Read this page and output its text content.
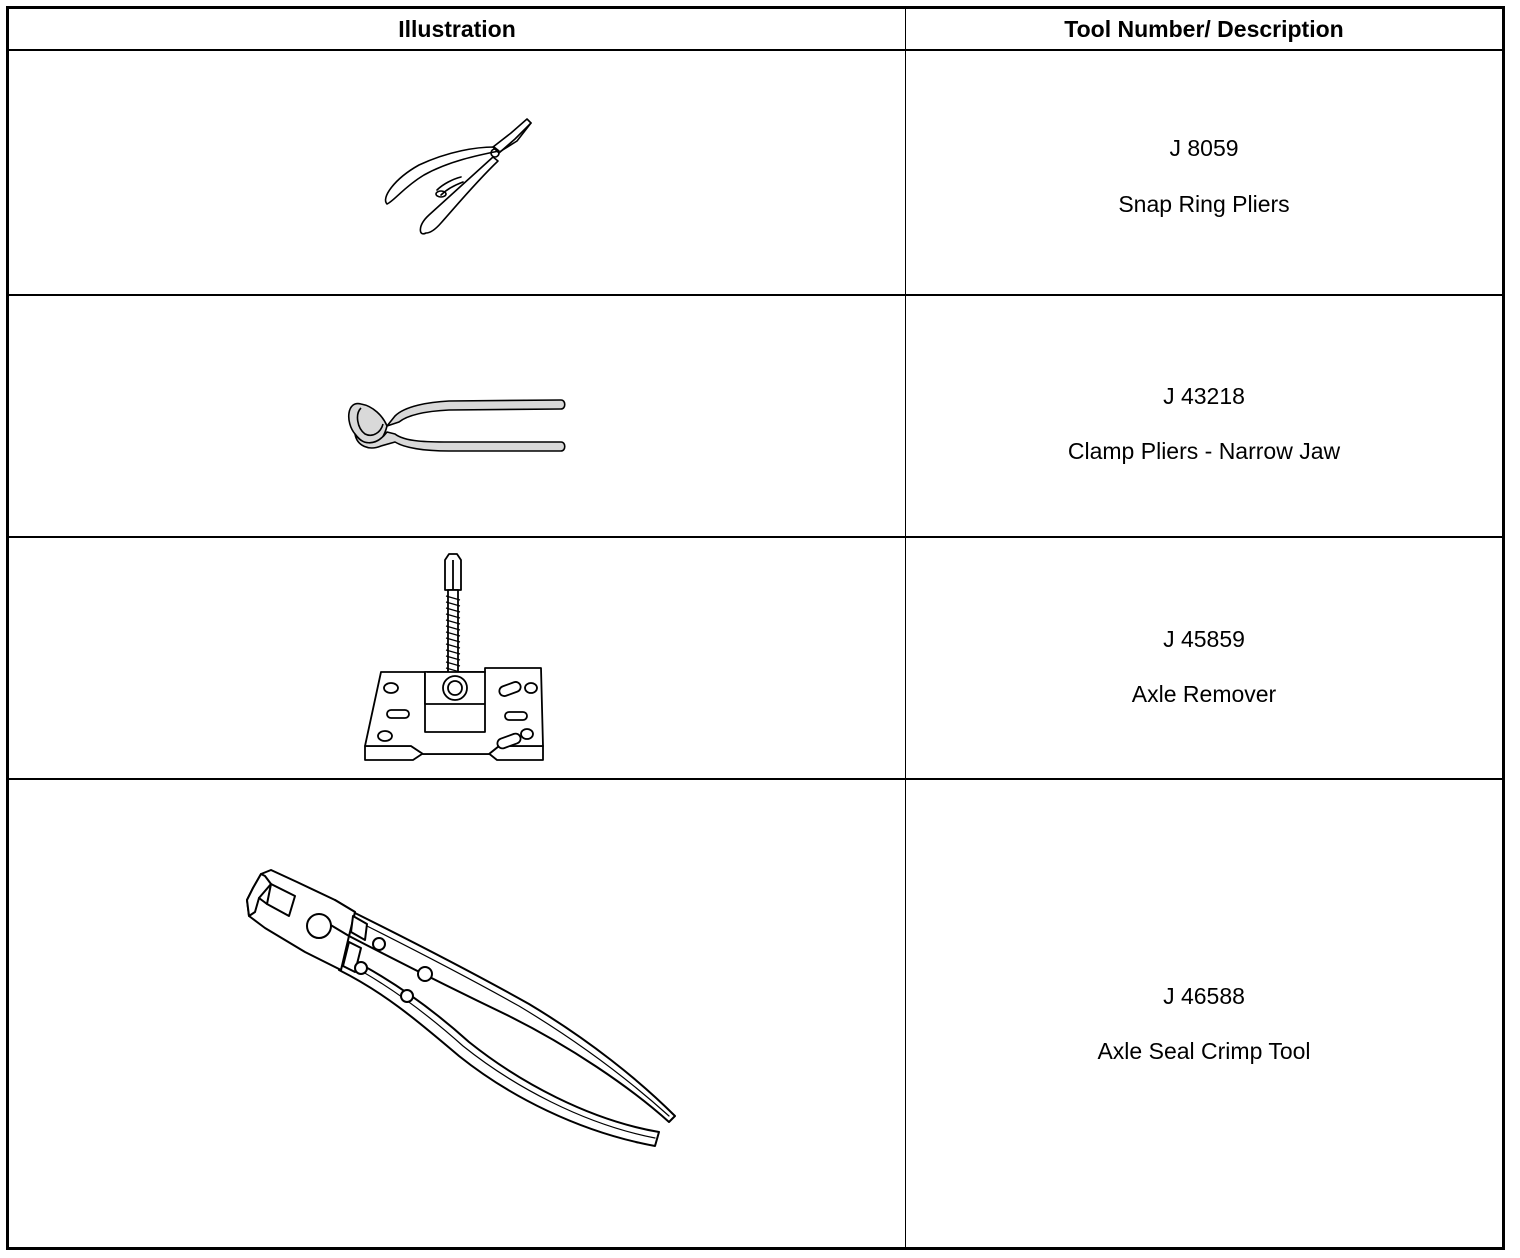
Illustration	Tool Number/ Description
J 8059
Snap Ring Pliers
J 43218
Clamp Pliers - Narrow Jaw
J 45859
Axle Remover
J 46588
Axle Seal Crimp Tool
